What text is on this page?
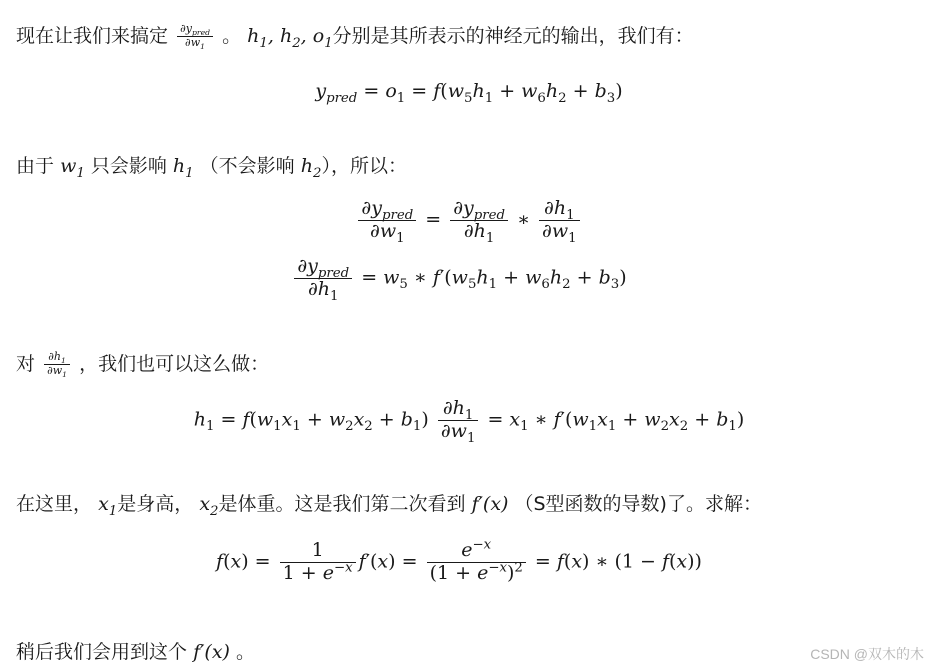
现在让我们来搞定 $\frac{\partial y_{pred}}{\partial w_1}$ 。 $h_1$, $h_2$, $o_1$分别是其所表示的神经元的输出，我们有：
$y_{pred} = o_1 = f(w_5h_1 + w_6h_2 + b_3)$
由于 $w_1$ 只会影响 $h_1$ （不会影响 $h_2$），所以：
$\frac{\partial y_{pred}}{\partial w_1} = \frac{\partial y_{pred}}{\partial h_1}$ ∗ $\frac{\partial h_1}{\partial w_1}$
$\frac{\partial y_{pred}}{\partial h_1} = w_5$ ∗ $f'(w_5h_1 + w_6h_2 + b_3)$
对 $\frac{\partial h_1}{\partial w_1}$ ，我们也可以这么做：
$h_1 = f(w_1x_1 + w_2x_2 + b_1) \frac{\partial h_1}{\partial w_1} = x_1$ ∗ $f'(w_1x_1 + w_2x_2 + b_1)$
在这里， $x_1$是身高， $x_2$是体重。这是我们第二次看到 f′(x) （S型函数的导数)了。求解：
$f(x) = \frac{1}{1 + e^{-x}} f'(x) = \frac{e^{-x}}{(1 + e^{-x})^2} = f(x)$ ∗ (1 − f(x))
稍后我们会用到这个 f′(x) 。	CSDN @双木的木
